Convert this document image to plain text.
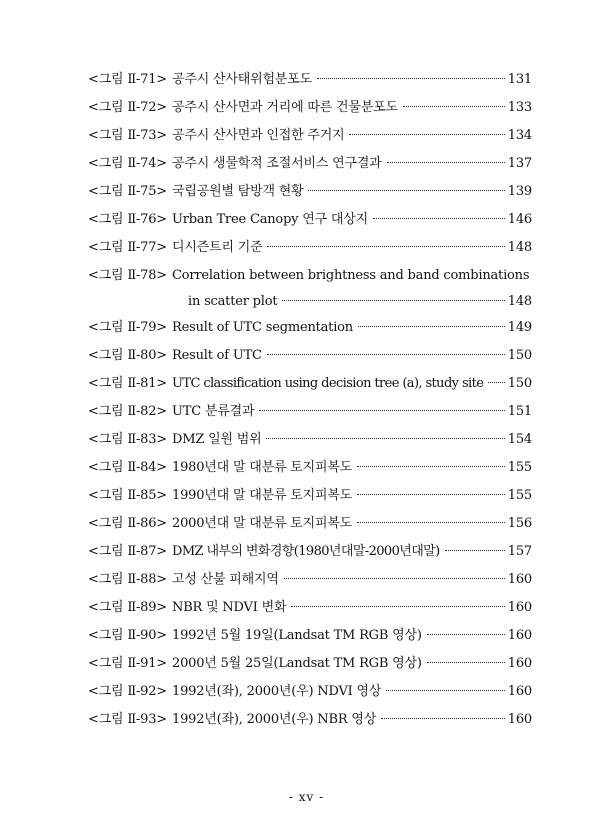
<그림 Ⅱ-71> 공주시 산사태위험분포도	131
<그림 Ⅱ-72> 공주시 산사면과 거리에 따른 건물분포도	133
<그림 Ⅱ-73> 공주시 산사면과 인접한 주거지	134
<그림 Ⅱ-74> 공주시 생물학적 조절서비스 연구결과	137
<그림 Ⅱ-75> 국립공원별 탐방객 현황	139
<그림 Ⅱ-76> Urban Tree Canopy 연구 대상지	146
<그림 Ⅱ-77> 디시즌트리 기준	148
<그림 Ⅱ-78> Correlation between brightness and band combinations
in scatter plot	148
<그림 Ⅱ-79> Result of UTC segmentation	149
<그림 Ⅱ-80> Result of UTC	150
<그림 Ⅱ-81> UTC classification using decision tree (a), study site 150
<그림 Ⅱ-82> UTC 분류결과	151
<그림 Ⅱ-83> DMZ 일원 범위	154
<그림 Ⅱ-84> 1980년대 말 대분류 토지피복도	155
<그림 Ⅱ-85> 1990년대 말 대분류 토지피복도	155
<그림 Ⅱ-86> 2000년대 말 대분류 토지피복도	156
<그림 Ⅱ-87> DMZ 내부의 변화경향(1980년대말-2000년대말)	157
<그림 Ⅱ-88> 고성 산불 피해지역	160
<그림 Ⅱ-89> NBR 및 NDVI 변화	160
<그림 Ⅱ-90> 1992년 5월 19일(Landsat TM RGB 영상)	160
<그림 Ⅱ-91> 2000년 5월 25일(Landsat TM RGB 영상)	160
<그림 Ⅱ-92> 1992년(좌), 2000년(우) NDVI 영상	160
<그림 Ⅱ-93> 1992년(좌), 2000년(우) NBR 영상	160
- xv -
